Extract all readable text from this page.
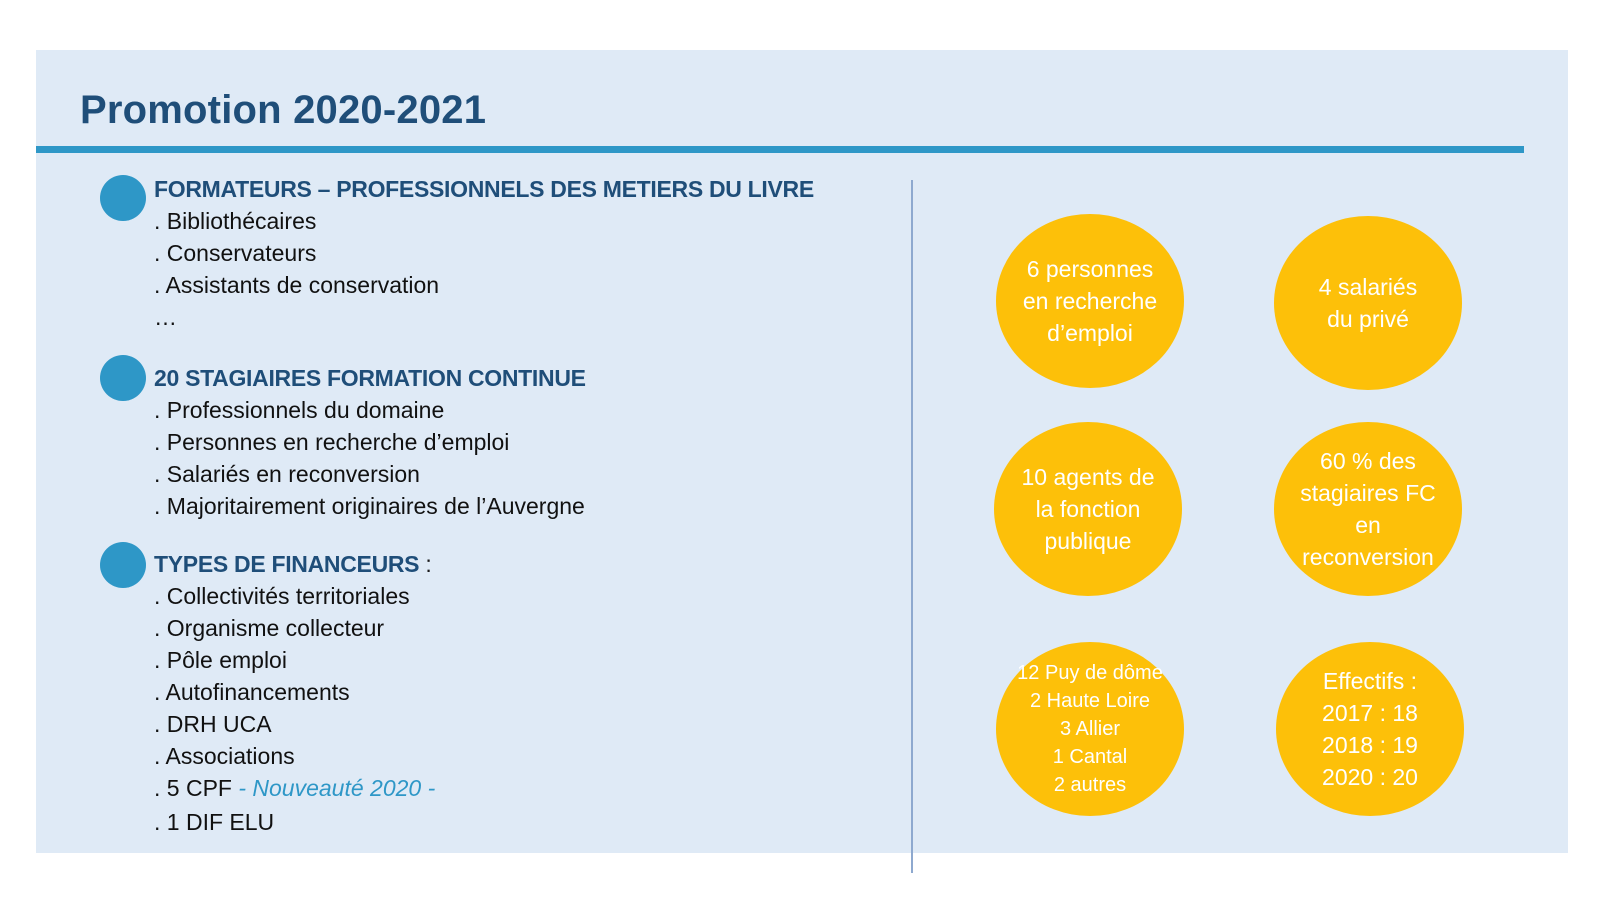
Promotion 2020-2021
FORMATEURS – PROFESSIONNELS DES METIERS DU LIVRE
. Bibliothécaires
. Conservateurs
. Assistants de conservation
…
20 STAGIAIRES FORMATION CONTINUE
. Professionnels du domaine
. Personnes en recherche d’emploi
. Salariés en reconversion
. Majoritairement originaires de l’Auvergne
TYPES DE FINANCEURS :
. Collectivités territoriales
. Organisme collecteur
. Pôle emploi
. Autofinancements
. DRH UCA
. Associations
. 5 CPF - Nouveauté 2020 -
. 1 DIF ELU
6 personnes
en recherche
d’emploi
4 salariés
du privé
10 agents de
la fonction
publique
60 % des
stagiaires FC
en
reconversion
12 Puy de dôme
2 Haute Loire
3 Allier
1 Cantal
2 autres
Effectifs :
2017 : 18
2018 : 19
2020 : 20
